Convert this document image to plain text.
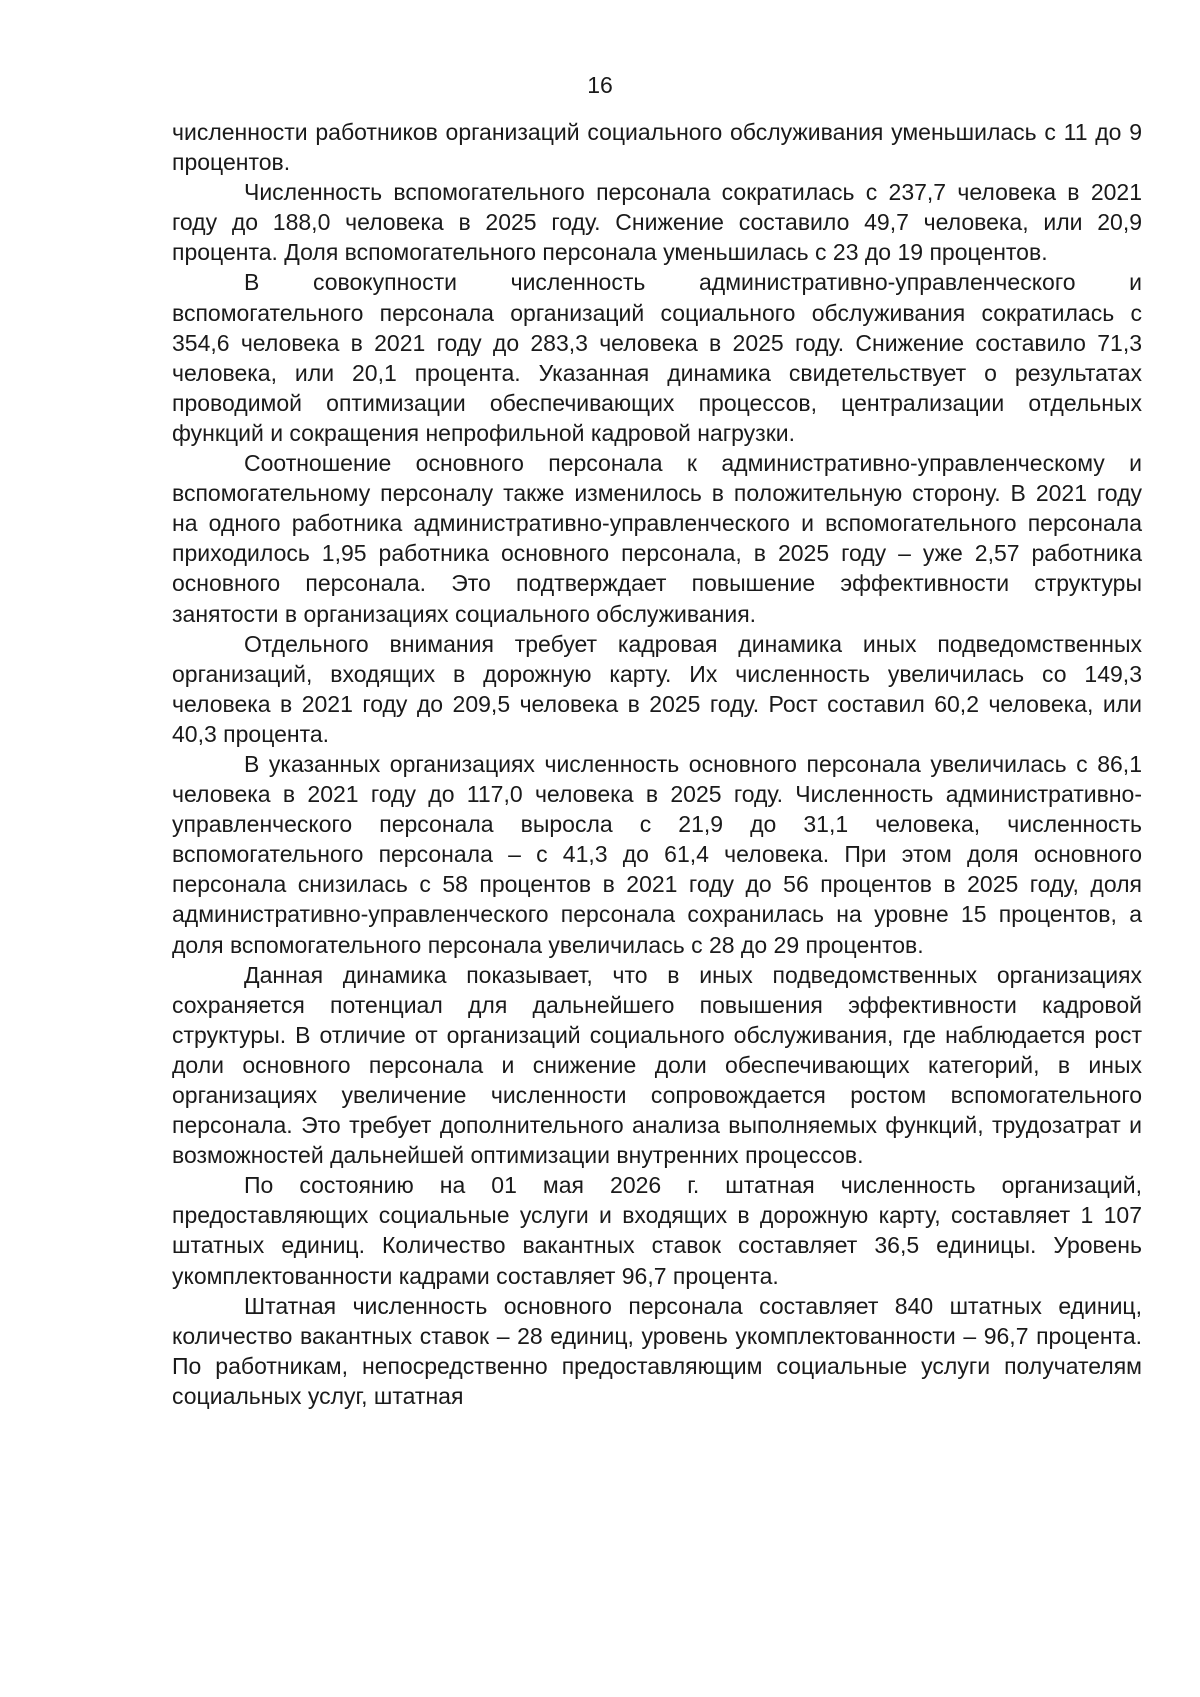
16

численности работников организаций социального обслуживания уменьшилась с 11 до 9 процентов.

Численность вспомогательного персонала сократилась с 237,7 человека в 2021 году до 188,0 человека в 2025 году. Снижение составило 49,7 человека, или 20,9 процента. Доля вспомогательного персонала уменьшилась с 23 до 19 процентов.

В совокупности численность административно-управленческого и вспомогательного персонала организаций социального обслуживания сократилась с 354,6 человека в 2021 году до 283,3 человека в 2025 году. Снижение составило 71,3 человека, или 20,1 процента. Указанная динамика свидетельствует о результатах проводимой оптимизации обеспечивающих процессов, централизации отдельных функций и сокращения непрофильной кадровой нагрузки.

Соотношение основного персонала к административно-управленческому и вспомогательному персоналу также изменилось в положительную сторону. В 2021 году на одного работника административно-управленческого и вспомогательного персонала приходилось 1,95 работника основного персонала, в 2025 году – уже 2,57 работника основного персонала. Это подтверждает повышение эффективности структуры занятости в организациях социального обслуживания.

Отдельного внимания требует кадровая динамика иных подведомственных организаций, входящих в дорожную карту. Их численность увеличилась со 149,3 человека в 2021 году до 209,5 человека в 2025 году. Рост составил 60,2 человека, или 40,3 процента.

В указанных организациях численность основного персонала увеличилась с 86,1 человека в 2021 году до 117,0 человека в 2025 году. Численность административно-управленческого персонала выросла с 21,9 до 31,1 человека, численность вспомогательного персонала – с 41,3 до 61,4 человека. При этом доля основного персонала снизилась с 58 процентов в 2021 году до 56 процентов в 2025 году, доля административно-управленческого персонала сохранилась на уровне 15 процентов, а доля вспомогательного персонала увеличилась с 28 до 29 процентов.

Данная динамика показывает, что в иных подведомственных организациях сохраняется потенциал для дальнейшего повышения эффективности кадровой структуры. В отличие от организаций социального обслуживания, где наблюдается рост доли основного персонала и снижение доли обеспечивающих категорий, в иных организациях увеличение численности сопровождается ростом вспомогательного персонала. Это требует дополнительного анализа выполняемых функций, трудозатрат и возможностей дальнейшей оптимизации внутренних процессов.

По состоянию на 01 мая 2026 г. штатная численность организаций, предоставляющих социальные услуги и входящих в дорожную карту, составляет 1 107 штатных единиц. Количество вакантных ставок составляет 36,5 единицы. Уровень укомплектованности кадрами составляет 96,7 процента.

Штатная численность основного персонала составляет 840 штатных единиц, количество вакантных ставок – 28 единиц, уровень укомплектованности – 96,7 процента. По работникам, непосредственно предоставляющим социальные услуги получателям социальных услуг, штатная
